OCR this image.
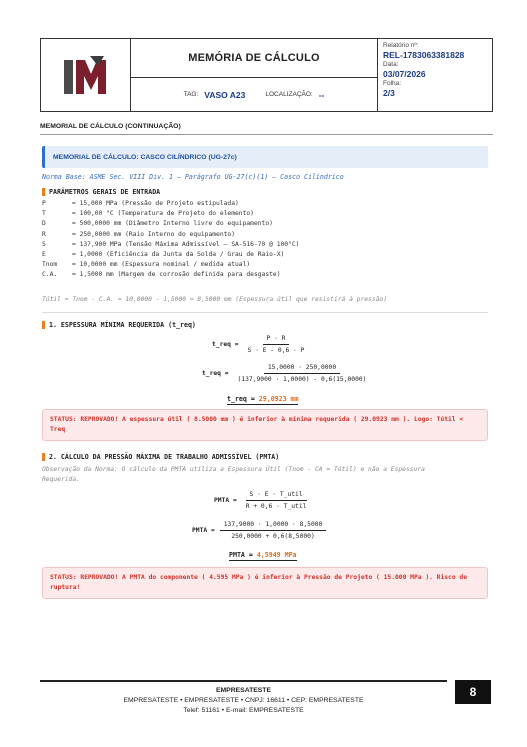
MEMÓRIA DE CÁLCULO
TAG: VASO A23	LOCALIZAÇÃO: --
Relatório nº:
REL-1783063381828
Data:
03/07/2026
Folha:
2/3
MEMORIAL DE CÁLCULO (CONTINUAÇÃO)
MEMORIAL DE CÁLCULO: CASCO CILÍNDRICO (UG-27c)
Norma Base: ASME Sec. VIII Div. 1 — Parágrafo UG-27(c)(1) — Casco Cilíndrico
PARÂMETROS GERAIS DE ENTRADA
P	= 15,000 MPa (Pressão de Projeto estipulada)
T	= 100,00 °C (Temperatura de Projeto do elemento)
D	= 500,0000 mm (Diâmetro Interno livre do equipamento)
R	= 250,0000 mm (Raio Interno do equipamento)
S	= 137,900 MPa (Tensão Máxima Admissível — SA-516-70 @ 100°C)
E	= 1,0000 (Eficiência da Junta da Solda / Grau de Raio-X)
Tnom	= 10,0000 mm (Espessura nominal / medida atual)
C.A.	= 1,5000 mm (Margem de corrosão definida para desgaste)
Tútil = Tnom - C.A. = 10,0000 - 1,5000 = 8,5000 mm (Espessura útil que resistirá à pressão)
1. ESPESSURA MÍNIMA REQUERIDA (t_req)
t_req = $\frac{P \cdot R}{S \cdot E - 0,6 \cdot P}$
t_req = $\frac{15,0000 \cdot 250,0000}{(137,9000 \cdot 1,0000) - 0,6(15,0000)}$
t_req = 29,0923 mm
STATUS: REPROVADO! A espessura útil ( 8.5000 mm ) é inferior à mínima requerida ( 29.0923 mm ). Logo: Tútil < Treq
2. CÁLCULO DA PRESSÃO MÁXIMA DE TRABALHO ADMISSÍVEL (PMTA)
Observação da Norma: O cálculo da PMTA utiliza a Espessura Útil (Tnom - CA = Tútil) e não a Espessura Requerida.
PMTA = $\frac{\text{S · E · T\_util}}{\text{R + 0,6 · T\_util}}$
PMTA = $\frac{137,9000 \cdot 1,0000 \cdot 8,5000}{250,0000 + 0,6(8,5000)}$
PMTA = 4,5949 MPa
STATUS: REPROVADO! A PMTA do componente ( 4.595 MPa ) é inferior à Pressão de Projeto ( 15.000 MPa ). Risco de ruptura!
EMPRESATESTE
EMPRESATESTE • EMPRESATESTE • CNPJ: 16611 • CEP: EMPRESATESTE
Telef: 51161 • E-mail: EMPRESATESTE
8
